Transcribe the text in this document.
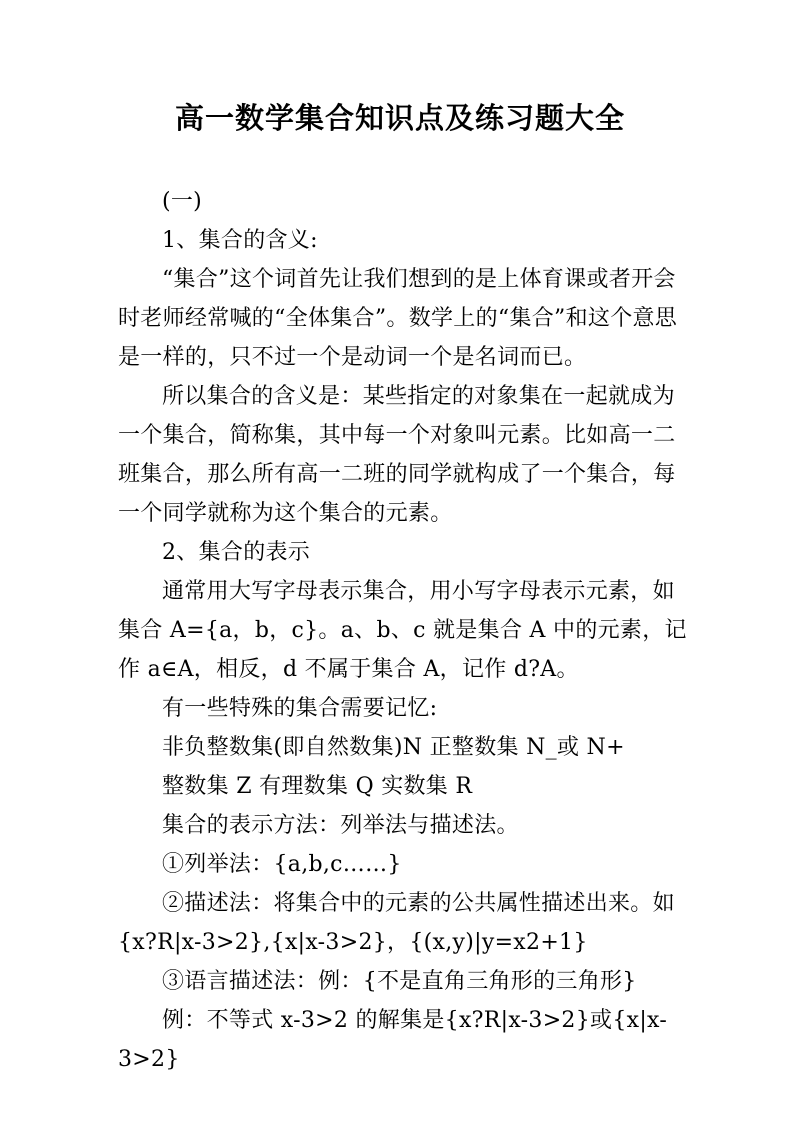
高一数学集合知识点及练习题大全

(一)

1、集合的含义:

“集合”这个词首先让我们想到的是上体育课或者开会时老师经常喊的“全体集合”。数学上的“集合”和这个意思是一样的，只不过一个是动词一个是名词而已。

所以集合的含义是：某些指定的对象集在一起就成为一个集合，简称集，其中每一个对象叫元素。比如高一二班集合，那么所有高一二班的同学就构成了一个集合，每一个同学就称为这个集合的元素。

2、集合的表示

通常用大写字母表示集合，用小写字母表示元素，如集合 A={a，b，c}。a、b、c 就是集合 A 中的元素，记作 a∈A，相反，d 不属于集合 A，记作 d?A。

有一些特殊的集合需要记忆:

非负整数集(即自然数集)N 正整数集 N_或 N+

整数集 Z 有理数集 Q 实数集 R

集合的表示方法：列举法与描述法。

①列举法：{a,b,c……}

②描述法：将集合中的元素的公共属性描述出来。如{x?R|x-3>2},{x|x-3>2}，{(x,y)|y=x2+1}

③语言描述法：例：{不是直角三角形的三角形}

例：不等式 x-3>2 的解集是{x?R|x-3>2}或{x|x-3>2}
